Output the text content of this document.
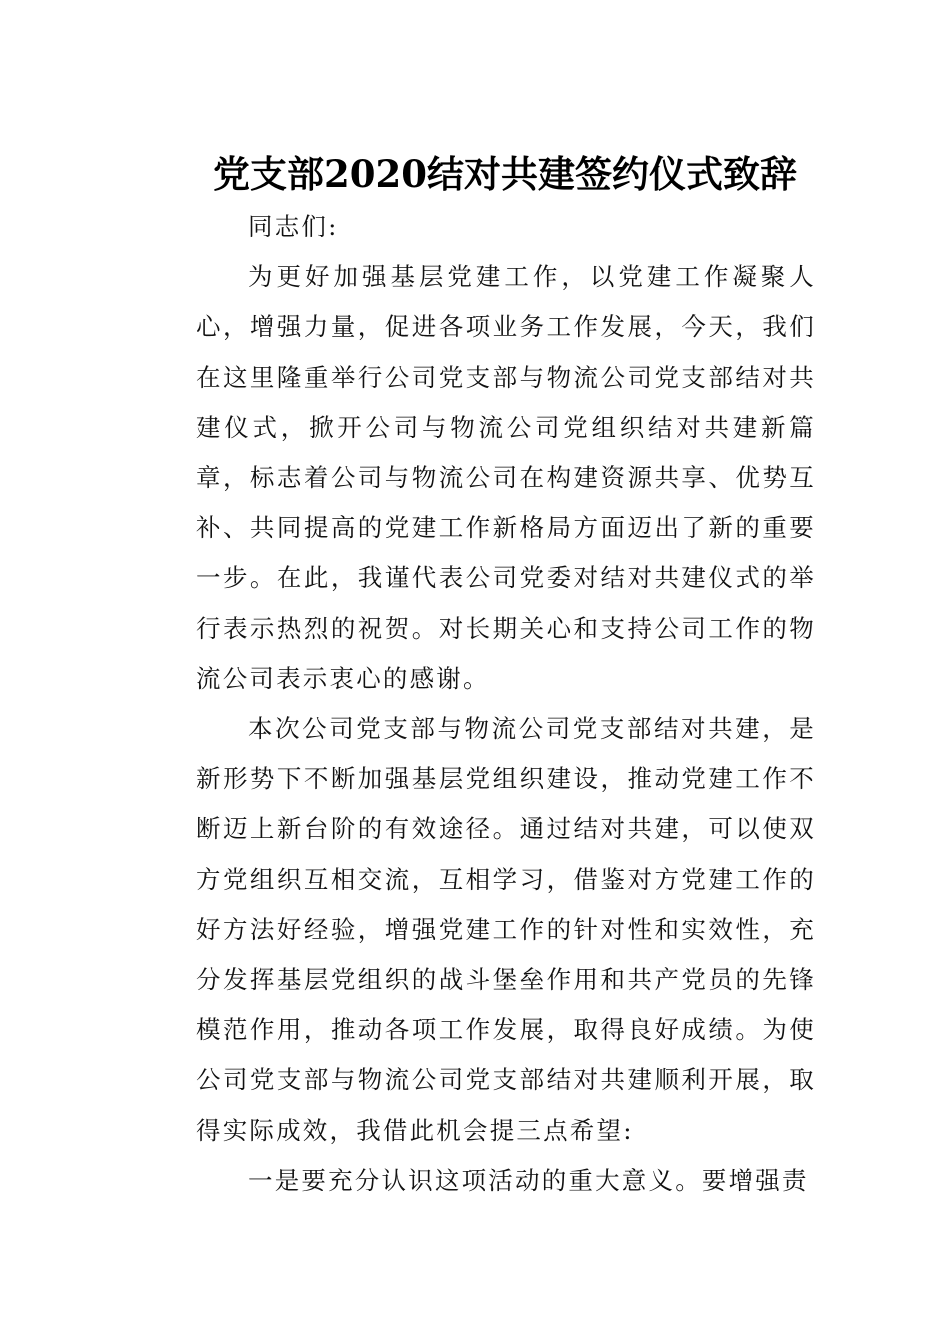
党支部2020结对共建签约仪式致辞

同志们:

为更好加强基层党建工作，以党建工作凝聚人心，增强力量，促进各项业务工作发展，今天，我们在这里隆重举行公司党支部与物流公司党支部结对共建仪式，掀开公司与物流公司党组织结对共建新篇章，标志着公司与物流公司在构建资源共享、优势互补、共同提高的党建工作新格局方面迈出了新的重要一步。在此，我谨代表公司党委对结对共建仪式的举行表示热烈的祝贺。对长期关心和支持公司工作的物流公司表示衷心的感谢。

本次公司党支部与物流公司党支部结对共建，是新形势下不断加强基层党组织建设，推动党建工作不断迈上新台阶的有效途径。通过结对共建，可以使双方党组织互相交流，互相学习，借鉴对方党建工作的好方法好经验，增强党建工作的针对性和实效性，充分发挥基层党组织的战斗堡垒作用和共产党员的先锋模范作用，推动各项工作发展，取得良好成绩。为使公司党支部与物流公司党支部结对共建顺利开展，取得实际成效，我借此机会提三点希望:

一是要充分认识这项活动的重大意义。要增强责
